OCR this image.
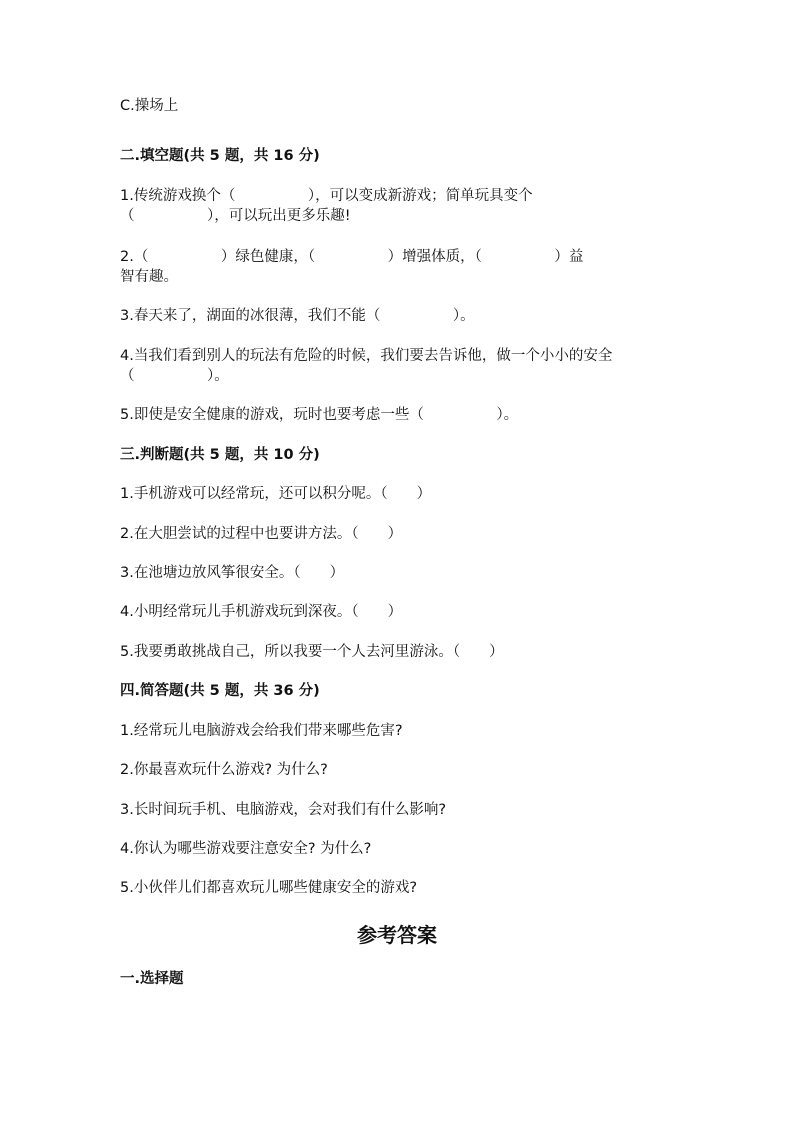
C.操场上
二.填空题(共 5 题，共 16 分)
1.传统游戏换个（　　　　　），可以变成新游戏；简单玩具变个
（　　　　　），可以玩出更多乐趣!
2.（　　　　　）绿色健康，（　　　　　）增强体质，（　　　　　）益
智有趣。
3.春天来了，湖面的冰很薄，我们不能（　　　　　）。
4.当我们看到别人的玩法有危险的时候，我们要去告诉他，做一个小小的安全
（　　　　　）。
5.即使是安全健康的游戏，玩时也要考虑一些（　　　　　）。
三.判断题(共 5 题，共 10 分)
1.手机游戏可以经常玩，还可以积分呢。（　　）
2.在大胆尝试的过程中也要讲方法。（　　）
3.在池塘边放风筝很安全。（　　）
4.小明经常玩儿手机游戏玩到深夜。（　　）
5.我要勇敢挑战自己，所以我要一个人去河里游泳。（　　）
四.简答题(共 5 题，共 36 分)
1.经常玩儿电脑游戏会给我们带来哪些危害?
2.你最喜欢玩什么游戏? 为什么?
3.长时间玩手机、电脑游戏，会对我们有什么影响?
4.你认为哪些游戏要注意安全? 为什么?
5.小伙伴儿们都喜欢玩儿哪些健康安全的游戏?
参考答案
一.选择题
